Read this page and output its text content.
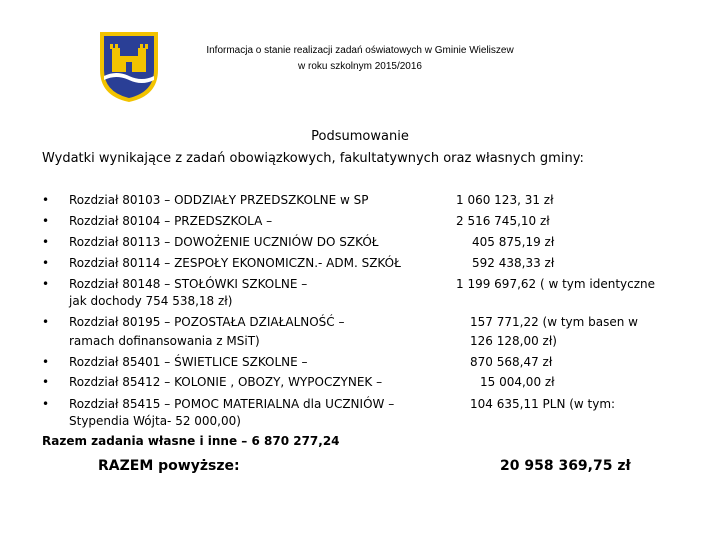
Informacja o stanie realizacji zadań oświatowych w Gminie Wieliszew
w roku szkolnym 2015/2016
Podsumowanie
Wydatki wynikające z zadań obowiązkowych, fakultatywnych oraz własnych gminy:
• Rozdział 80103 – ODDZIAŁY PRZEDSZKOLNE w SP	1 060 123, 31 zł
• Rozdział 80104 – PRZEDSZKOLA –	2 516 745,10 zł
• Rozdział 80113 – DOWOŻENIE UCZNIÓW DO SZKÓŁ	405 875,19 zł
• Rozdział 80114 – ZESPOŁY EKONOMICZN.- ADM. SZKÓŁ	592 438,33 zł
• Rozdział 80148 – STOŁÓWKI SZKOLNE –	1 199 697,62 ( w tym identyczne
jak dochody 754 538,18 zł)
• Rozdział 80195 – POZOSTAŁA DZIAŁALNOŚĆ –	157 771,22 (w tym basen w
ramach dofinansowania z MSiT)	126 128,00 zł)
• Rozdział 85401 – ŚWIETLICE SZKOLNE –	870 568,47 zł
• Rozdział 85412 – KOLONIE , OBOZY, WYPOCZYNEK –	15 004,00 zł
• Rozdział 85415 – POMOC MATERIALNA dla UCZNIÓW –	104 635,11 PLN (w tym:
Stypendia Wójta- 52 000,00)
Razem zadania własne i inne – 6 870 277,24
RAZEM powyższe:	20 958 369,75 zł
